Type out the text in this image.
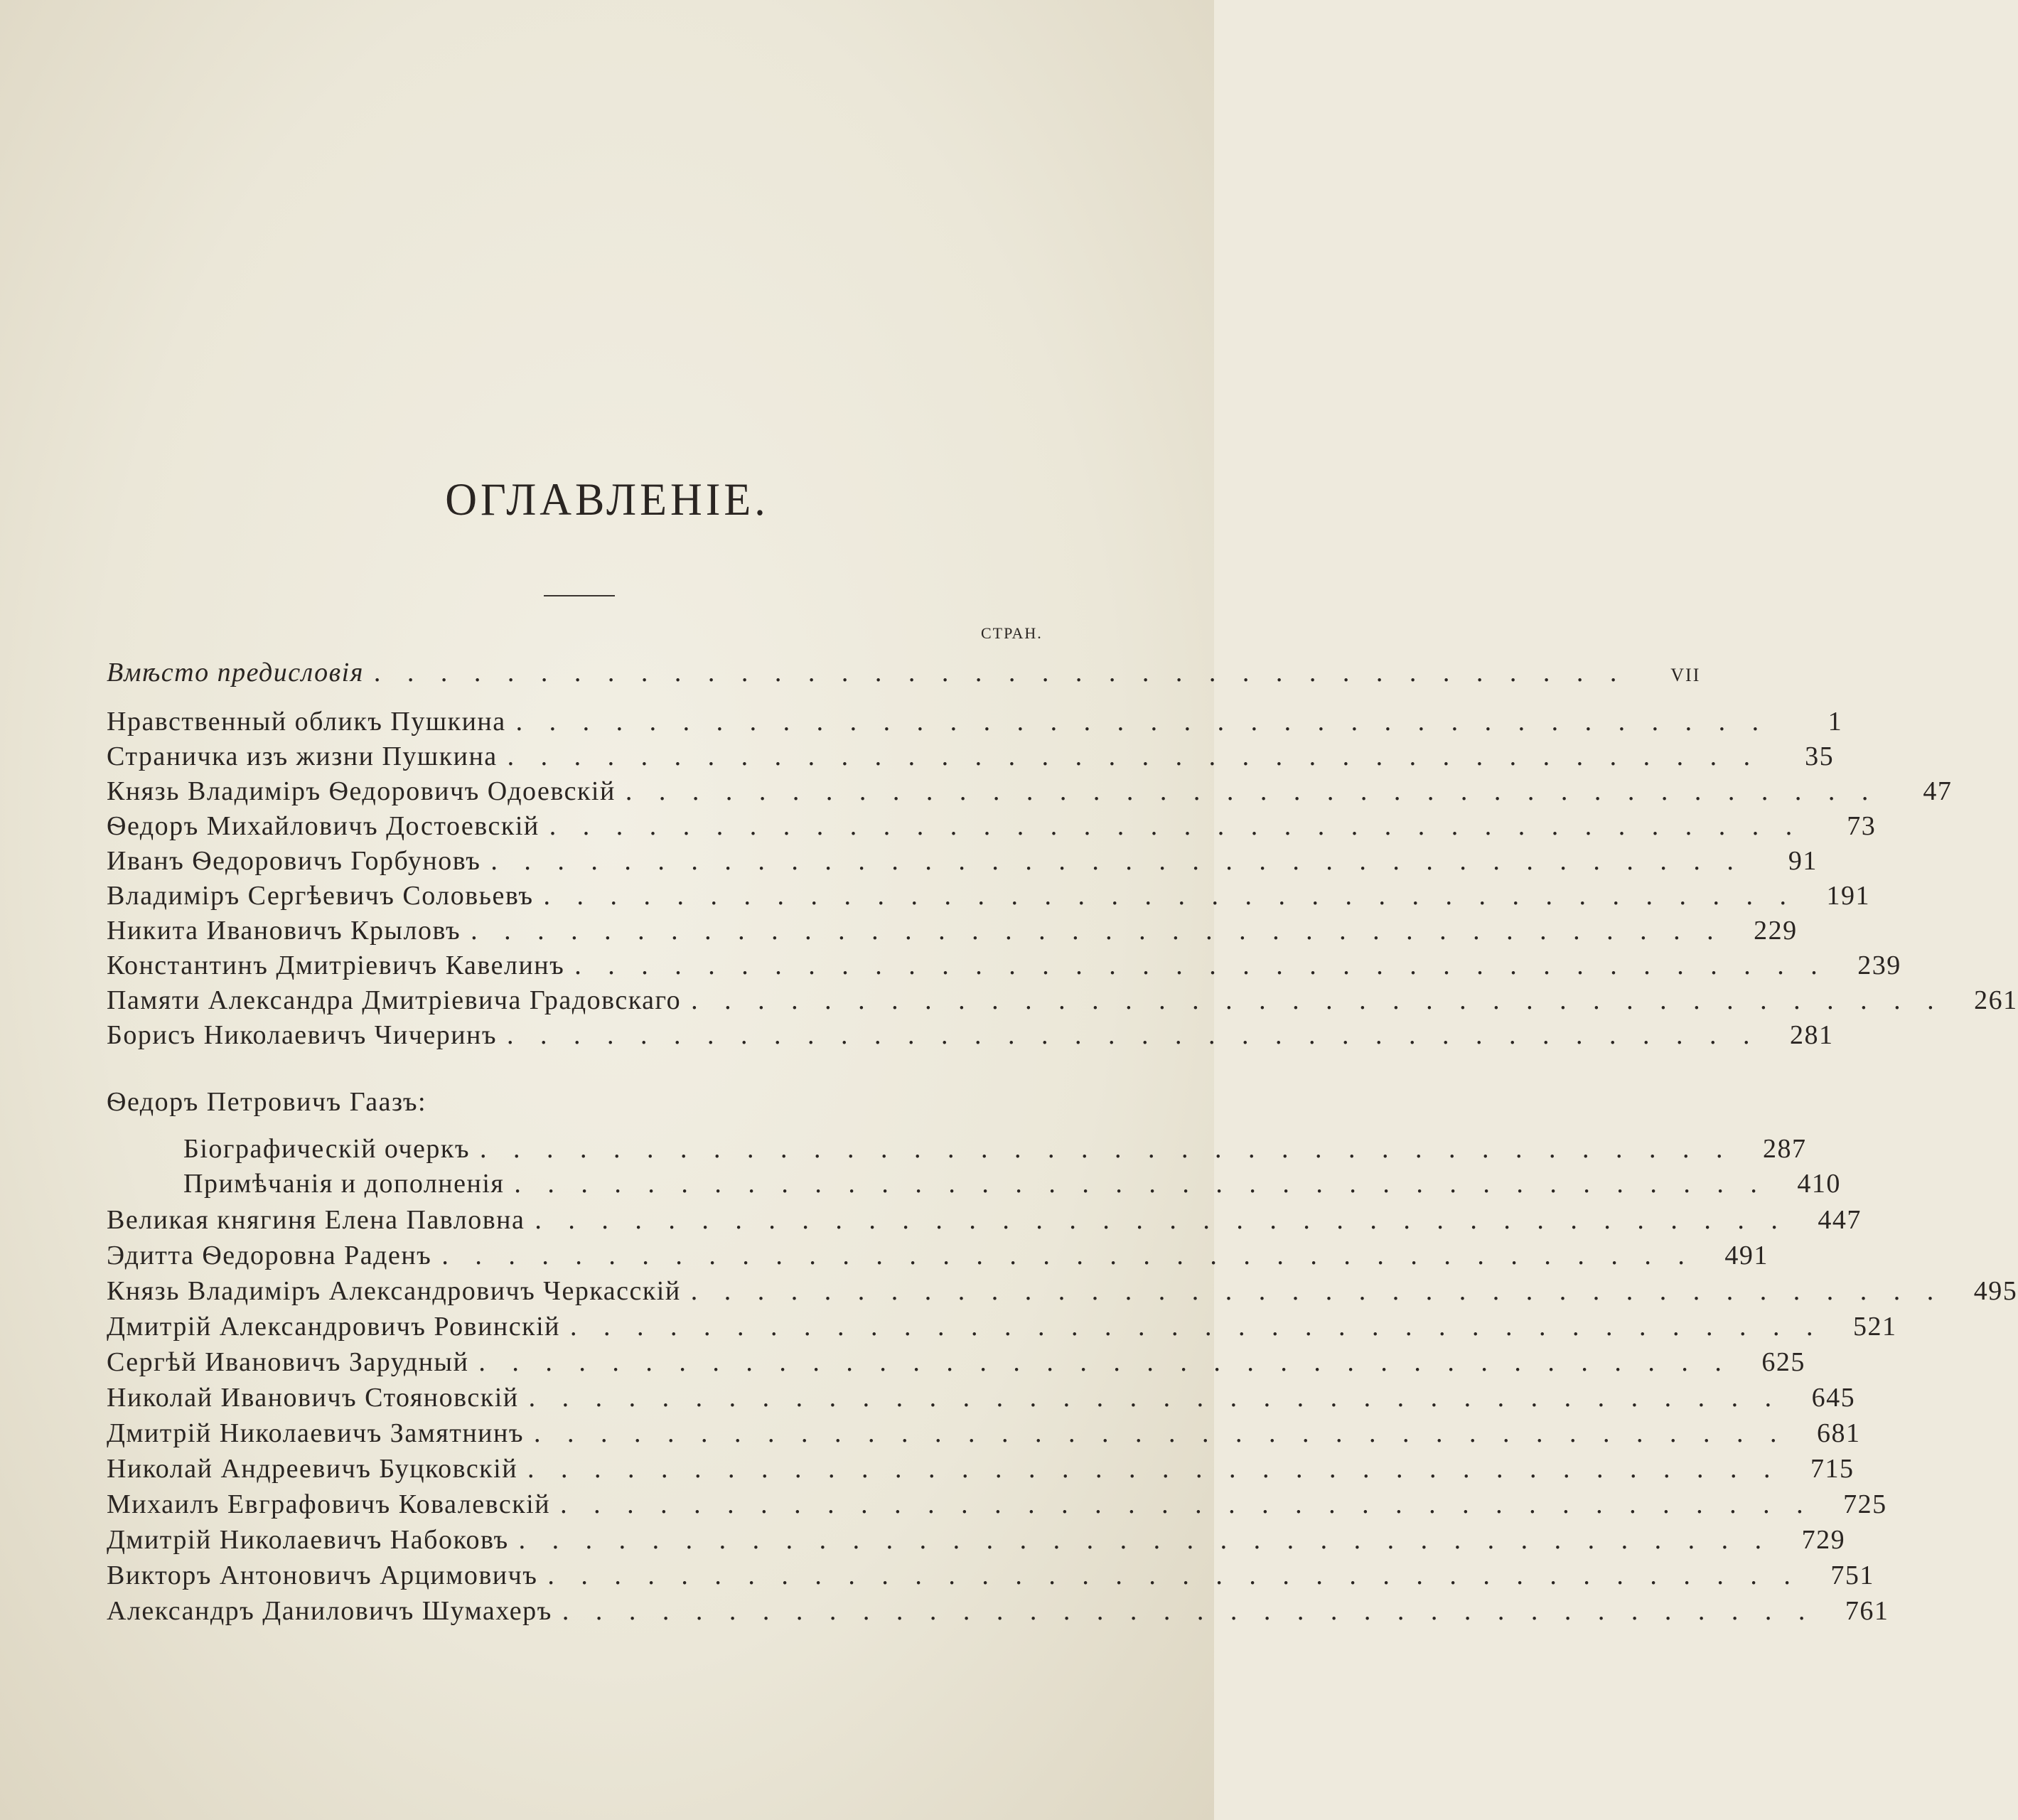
ОГЛАВЛЕНІЕ.
СТРАН.
Вмѣсто предисловія . . . . . . . . . . . . . . . . . . . . . . . . . . . . . . . . . . . . . .	VII
Нравственный обликъ Пушкина . . . . . . . . . . . . . . . . . . . . . . . . . . . . . . . . . . . . . .	1
Страничка изъ жизни Пушкина . . . . . . . . . . . . . . . . . . . . . . . . . . . . . . . . . . . . . .	35
Князь Владиміръ Ѳедоровичъ Одоевскій . . . . . . . . . . . . . . . . . . . . . . . . . . . . . . . . . . . . . .	47
Ѳедоръ Михайловичъ Достоевскій . . . . . . . . . . . . . . . . . . . . . . . . . . . . . . . . . . . . . .	73
Иванъ Ѳедоровичъ Горбуновъ . . . . . . . . . . . . . . . . . . . . . . . . . . . . . . . . . . . . . .	91
Владиміръ Сергѣевичъ Соловьевъ . . . . . . . . . . . . . . . . . . . . . . . . . . . . . . . . . . . . . .	191
Никита Ивановичъ Крыловъ . . . . . . . . . . . . . . . . . . . . . . . . . . . . . . . . . . . . . .	229
Константинъ Дмитріевичъ Кавелинъ . . . . . . . . . . . . . . . . . . . . . . . . . . . . . . . . . . . . . .	239
Памяти Александра Дмитріевича Градовскаго . . . . . . . . . . . . . . . . . . . . . . . . . . . . . . . . . . . . . .	261
Борисъ Николаевичъ Чичеринъ . . . . . . . . . . . . . . . . . . . . . . . . . . . . . . . . . . . . . .	281
Ѳедоръ Петровичъ Гаазъ:
Біографическій очеркъ . . . . . . . . . . . . . . . . . . . . . . . . . . . . . . . . . . . . . .	287
Примѣчанія и дополненія . . . . . . . . . . . . . . . . . . . . . . . . . . . . . . . . . . . . . .	410
Великая княгиня Елена Павловна . . . . . . . . . . . . . . . . . . . . . . . . . . . . . . . . . . . . . .	447
Эдитта Ѳедоровна Раденъ . . . . . . . . . . . . . . . . . . . . . . . . . . . . . . . . . . . . . .	491
Князь Владиміръ Александровичъ Черкасскій . . . . . . . . . . . . . . . . . . . . . . . . . . . . . . . . . . . . . .	495
Дмитрій Александровичъ Ровинскій . . . . . . . . . . . . . . . . . . . . . . . . . . . . . . . . . . . . . .	521
Сергѣй Ивановичъ Зарудный . . . . . . . . . . . . . . . . . . . . . . . . . . . . . . . . . . . . . .	625
Николай Ивановичъ Стояновскій . . . . . . . . . . . . . . . . . . . . . . . . . . . . . . . . . . . . . .	645
Дмитрій Николаевичъ Замятнинъ . . . . . . . . . . . . . . . . . . . . . . . . . . . . . . . . . . . . . .	681
Николай Андреевичъ Буцковскій . . . . . . . . . . . . . . . . . . . . . . . . . . . . . . . . . . . . . .	715
Михаилъ Евграфовичъ Ковалевскій . . . . . . . . . . . . . . . . . . . . . . . . . . . . . . . . . . . . . .	725
Дмитрій Николаевичъ Набоковъ . . . . . . . . . . . . . . . . . . . . . . . . . . . . . . . . . . . . . .	729
Викторъ Антоновичъ Арцимовичъ . . . . . . . . . . . . . . . . . . . . . . . . . . . . . . . . . . . . . .	751
Александръ Даниловичъ Шумахеръ . . . . . . . . . . . . . . . . . . . . . . . . . . . . . . . . . . . . . .	761
